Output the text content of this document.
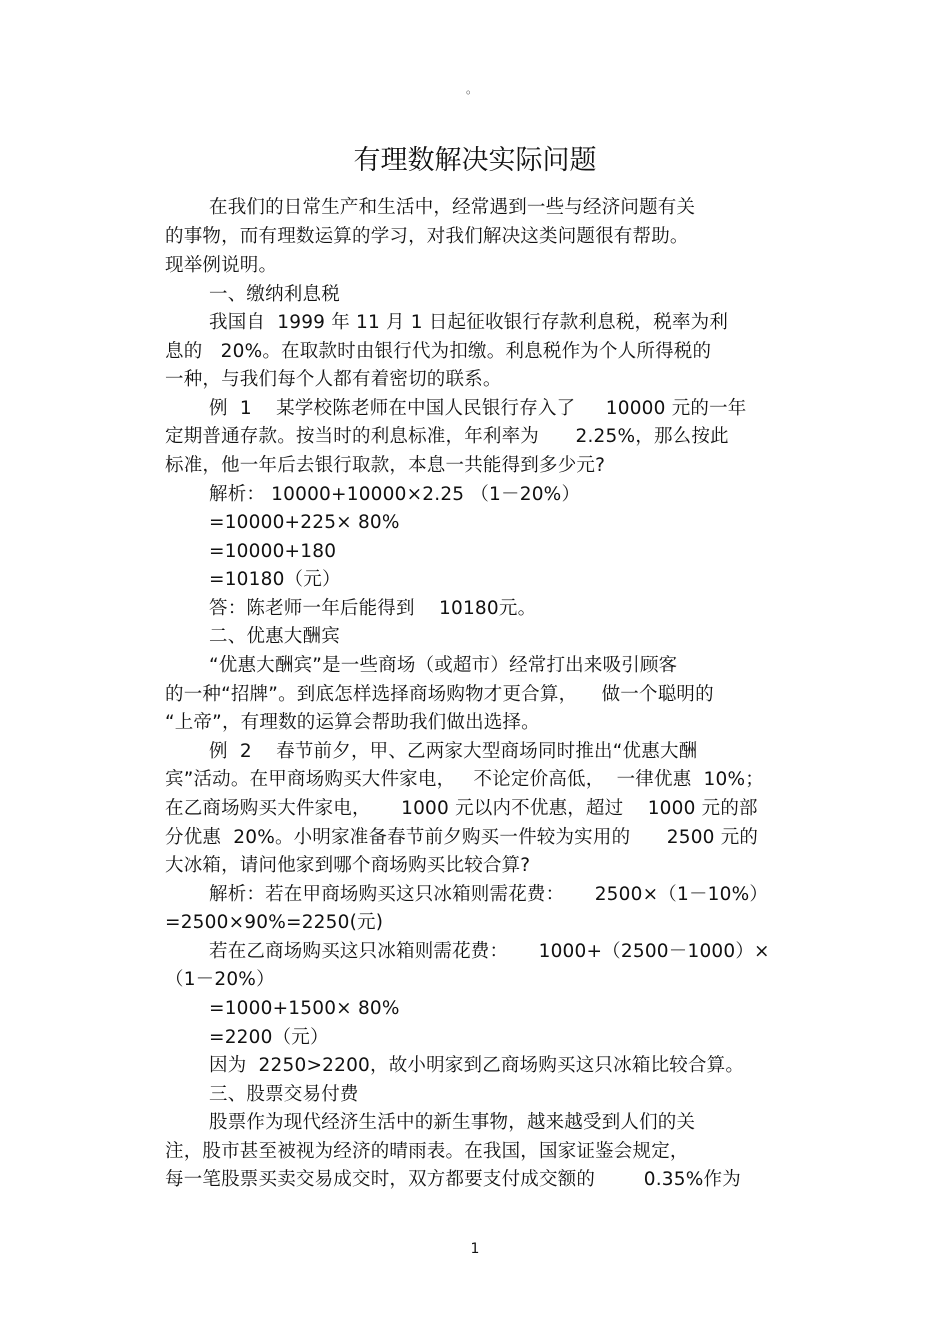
。
有理数解决实际问题
在我们的日常生产和生活中，经常遇到一些与经济问题有关
的事物，而有理数运算的学习，对我们解决这类问题很有帮助。
现举例说明。
一、缴纳利息税
我国自  1999 年 11 月 1 日起征收银行存款利息税，税率为利
息的   20%。在取款时由银行代为扣缴。利息税作为个人所得税的
一种，与我们每个人都有着密切的联系。
例  1    某学校陈老师在中国人民银行存入了     10000 元的一年
定期普通存款。按当时的利息标准，年利率为      2.25%，那么按此
标准，他一年后去银行取款，本息一共能得到多少元?
解析： 10000+10000×2.25 （1－20%）
=10000+225× 80%
=10000+180
=10180（元）
答：陈老师一年后能得到    10180元。
二、优惠大酬宾
“优惠大酬宾”是一些商场（或超市）经常打出来吸引顾客
的一种“招牌”。到底怎样选择商场购物才更合算，    做一个聪明的
“上帝”，有理数的运算会帮助我们做出选择。
例  2    春节前夕，甲、乙两家大型商场同时推出“优惠大酬
宾”活动。在甲商场购买大件家电，   不论定价高低，  一律优惠  10%；
在乙商场购买大件家电，     1000 元以内不优惠，超过    1000 元的部
分优惠  20%。小明家准备春节前夕购买一件较为实用的      2500 元的
大冰箱，请问他家到哪个商场购买比较合算?
解析：若在甲商场购买这只冰箱则需花费：     2500×（1－10%）
=2500×90%=2250(元)
若在乙商场购买这只冰箱则需花费：     1000+（2500－1000）×
（1－20%）
=1000+1500× 80%
=2200（元）
因为  2250>2200，故小明家到乙商场购买这只冰箱比较合算。
三、股票交易付费
股票作为现代经济生活中的新生事物，越来越受到人们的关
注，股市甚至被视为经济的晴雨表。在我国，国家证鉴会规定，
每一笔股票买卖交易成交时，双方都要支付成交额的        0.35%作为
1
